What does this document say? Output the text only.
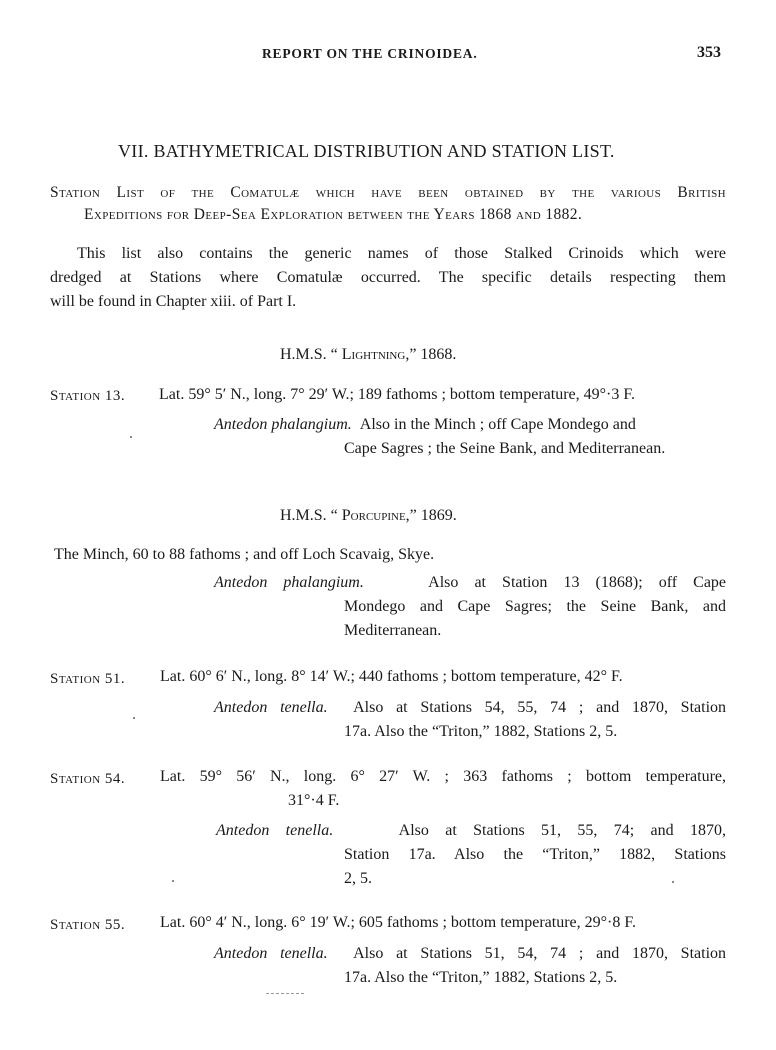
REPORT ON THE CRINOIDEA.	353
VII. BATHYMETRICAL DISTRIBUTION AND STATION LIST.
Station List of the Comatulæ which have been obtained by the various British
Expeditions for Deep-Sea Exploration between the Years 1868 and 1882.
This list also contains the generic names of those Stalked Crinoids which were
dredged at Stations where Comatulæ occurred. The specific details respecting them
will be found in Chapter xiii. of Part I.
H.M.S. “ Lightning,” 1868.
Station 13. Lat. 59° 5′ N., long. 7° 29′ W.; 189 fathoms ; bottom temperature, 49°·3 F.
Antedon phalangium. Also in the Minch ; off Cape Mondego and
Cape Sagres ; the Seine Bank, and Mediterranean.
H.M.S. “ Porcupine,” 1869.
The Minch, 60 to 88 fathoms ; and off Loch Scavaig, Skye.
Antedon phalangium.	Also at Station 13 (1868); off Cape
Mondego and Cape Sagres; the Seine Bank, and
Mediterranean.
Station 51. Lat. 60° 6′ N., long. 8° 14′ W.; 440 fathoms ; bottom temperature, 42° F.
Antedon tenella. Also at Stations 54, 55, 74 ; and 1870, Station
17a. Also the “Triton,” 1882, Stations 2, 5.
Station 54. Lat. 59° 56′ N., long. 6° 27′ W. ; 363 fathoms ; bottom temperature,
31°·4 F.
Antedon tenella.	Also at Stations 51, 55, 74; and 1870,
Station 17a. Also the “Triton,” 1882, Stations
2, 5.
Station 55. Lat. 60° 4′ N., long. 6° 19′ W.; 605 fathoms ; bottom temperature, 29°·8 F.
Antedon tenella. Also at Stations 51, 54, 74 ; and 1870, Station
17a. Also the “Triton,” 1882, Stations 2, 5.
